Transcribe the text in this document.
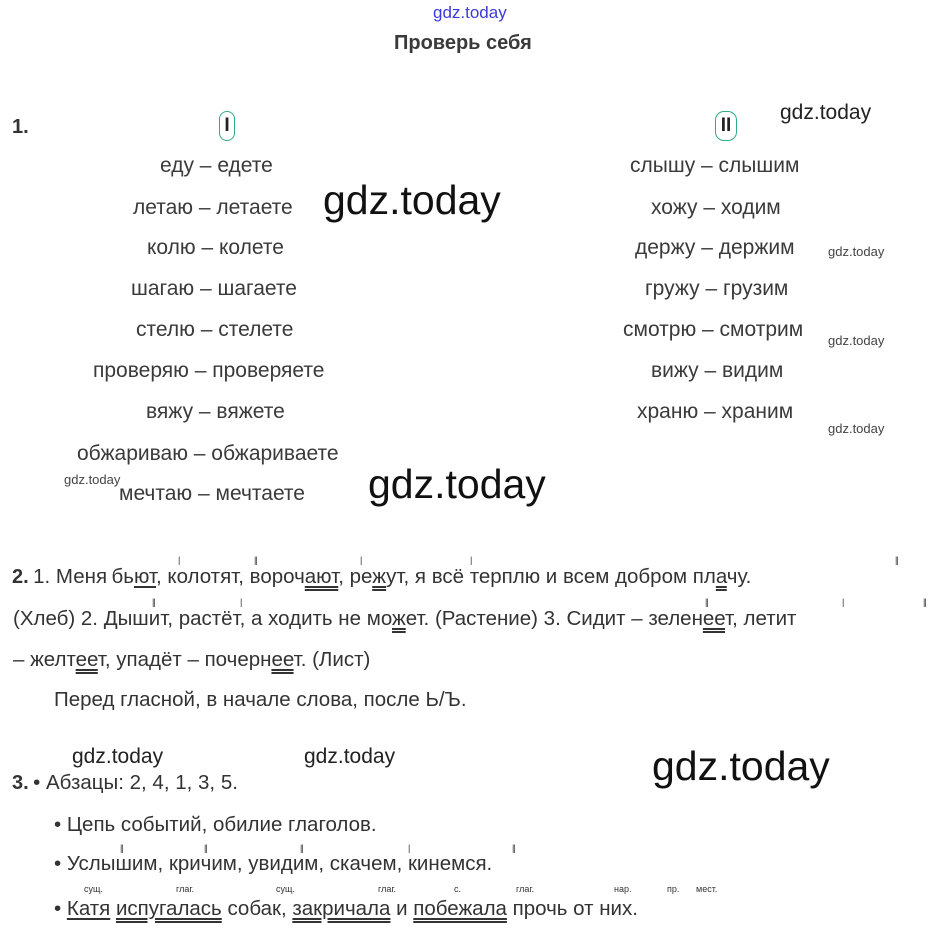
gdz.today
Проверь себя
gdz.today
gdz.today
gdz.today
gdz.today
gdz.today
gdz.today	gdz.today
gdz.today	gdz.today	gdz.today
1.	I	II
еду – едете
летаю – летаете
колю – колете
шагаю – шагаете
стелю – стелете
проверяю – проверяете
вяжу – вяжете
обжариваю – обжариваете
мечтаю – мечтаете
слышу – слышим
хожу – ходим
держу – держим
гружу – грузим
смотрю – смотрим
вижу – видим
храню – храним
2. 1. Меня бьют, колотят, ворочают, режут, я всё терплю и всем добром плачу.
(Хлеб) 2. Дышит, растёт, а ходить не может. (Растение) 3. Сидит – зеленеет, летит
– желтеет, упадёт – почернеет. (Лист)
Перед гласной, в начале слова, после Ь/Ъ.
|	||	|	|	||
||	|	||	|	||
3. • Абзацы: 2, 4, 1, 3, 5.
• Цепь событий, обилие глаголов.
• Услышим, кричим, увидим, скачем, кинемся.
||	||	||	|	||
сущ.	глаг.	сущ.	глаг.	с.	глаг.	нар.	пр. мест.
• Катя испугалась собак, закричала и побежала прочь от них.
